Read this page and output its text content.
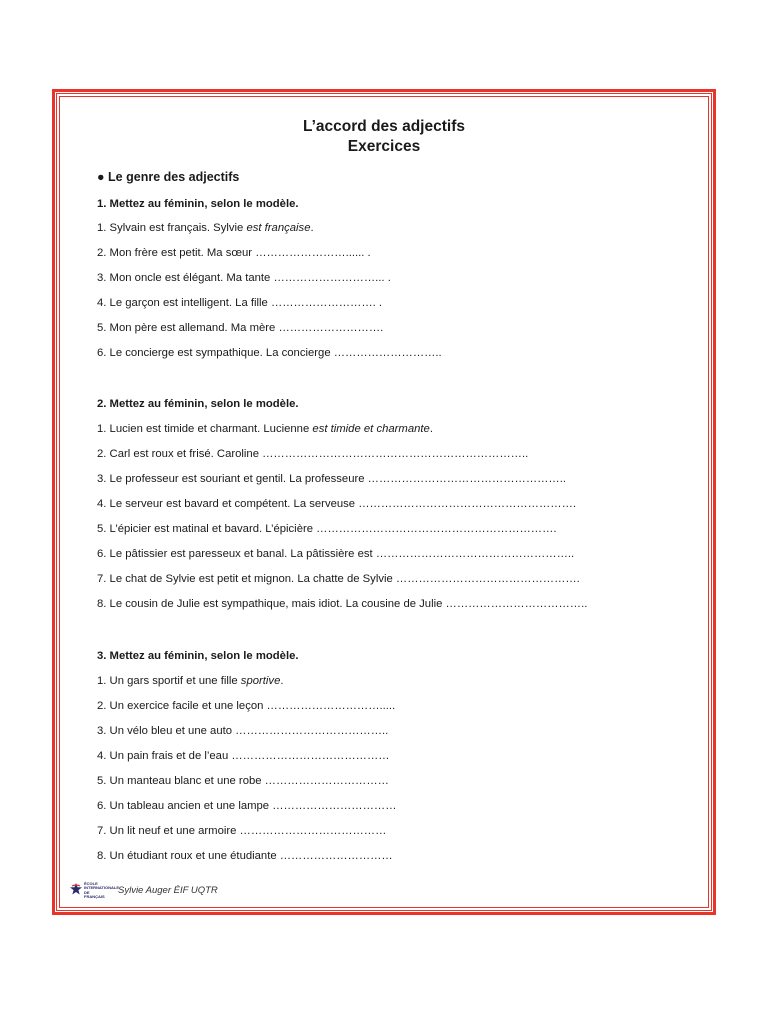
L’accord des adjectifs
Exercices
● Le genre des adjectifs
1. Mettez au féminin, selon le modèle.
1. Sylvain est français. Sylvie est française.
2. Mon frère est petit. Ma sœur ……………………...... .
3. Mon oncle est élégant. Ma tante ………………………... .
4. Le garçon est intelligent. La fille ………………………. .
5. Mon père est allemand. Ma mère ……………………….
6. Le concierge est sympathique. La concierge ………………………..
2. Mettez au féminin, selon le modèle.
1. Lucien est timide et charmant. Lucienne est timide et charmante.
2. Carl est roux et frisé. Caroline ……………………………………………………………..
3. Le professeur est souriant et gentil. La professeure ……………………………………………..
4. Le serveur est bavard et compétent. La serveuse ………………………………………………….
5. L’épicier est matinal et bavard. L’épicière ……………………………………………………….
6. Le pâtissier est paresseux et banal. La pâtissière est ……………………………………………..
7. Le chat de Sylvie est petit et mignon. La chatte de Sylvie ………………………………………….
8. Le cousin de Julie est sympathique, mais idiot. La cousine de Julie ………………………………..
3. Mettez au féminin, selon le modèle.
1. Un gars sportif et une fille sportive.
2. Un exercice facile et une leçon ………………………….....
3. Un vélo bleu et une auto …………………………………..
4. Un pain frais et de l’eau ……………………………………
5. Un manteau blanc et une robe ……………………………
6. Un tableau ancien et une lampe ……………………………
7. Un lit neuf et une armoire …………………………………
8. Un étudiant roux et une étudiante …………………………
ÉCOLE INTERNATIONALE DE FRANÇAIS
Sylvie Auger ÉIF UQTR
